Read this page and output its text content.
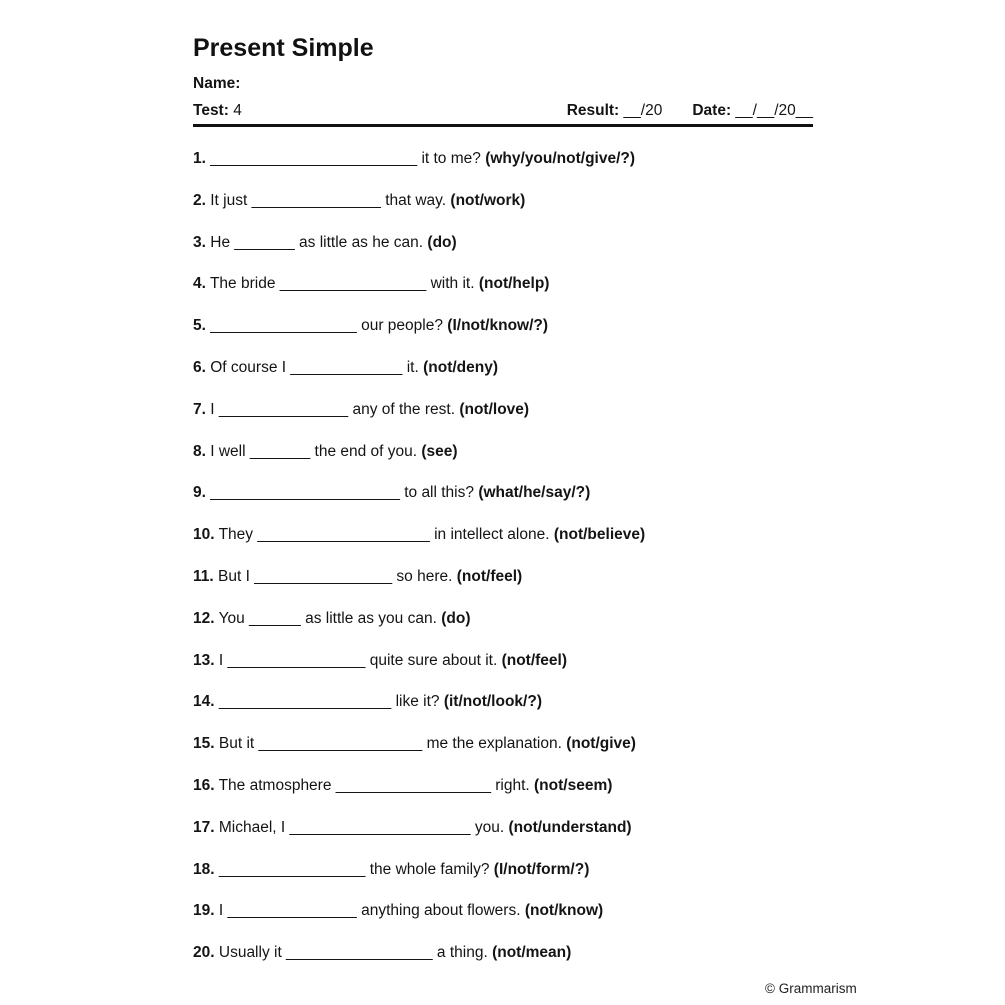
Present Simple
Name:
Test: 4	Result: __/20 Date: __/__/20__

1. ________________________ it to me? (why/you/not/give/?)

2. It just _______________ that way. (not/work)

3. He _______ as little as he can. (do)

4. The bride _________________ with it. (not/help)

5. _________________ our people? (I/not/know/?)

6. Of course I _____________ it. (not/deny)

7. I _______________ any of the rest. (not/love)

8. I well _______ the end of you. (see)

9. ______________________ to all this? (what/he/say/?)

10. They ____________________ in intellect alone. (not/believe)

11. But I ________________ so here. (not/feel)

12. You ______ as little as you can. (do)

13. I ________________ quite sure about it. (not/feel)

14. ____________________ like it? (it/not/look/?)

15. But it ___________________ me the explanation. (not/give)

16. The atmosphere __________________ right. (not/seem)

17. Michael, I _____________________ you. (not/understand)

18. _________________ the whole family? (I/not/form/?)

19. I _______________ anything about flowers. (not/know)

20. Usually it _________________ a thing. (not/mean)

© Grammarism
